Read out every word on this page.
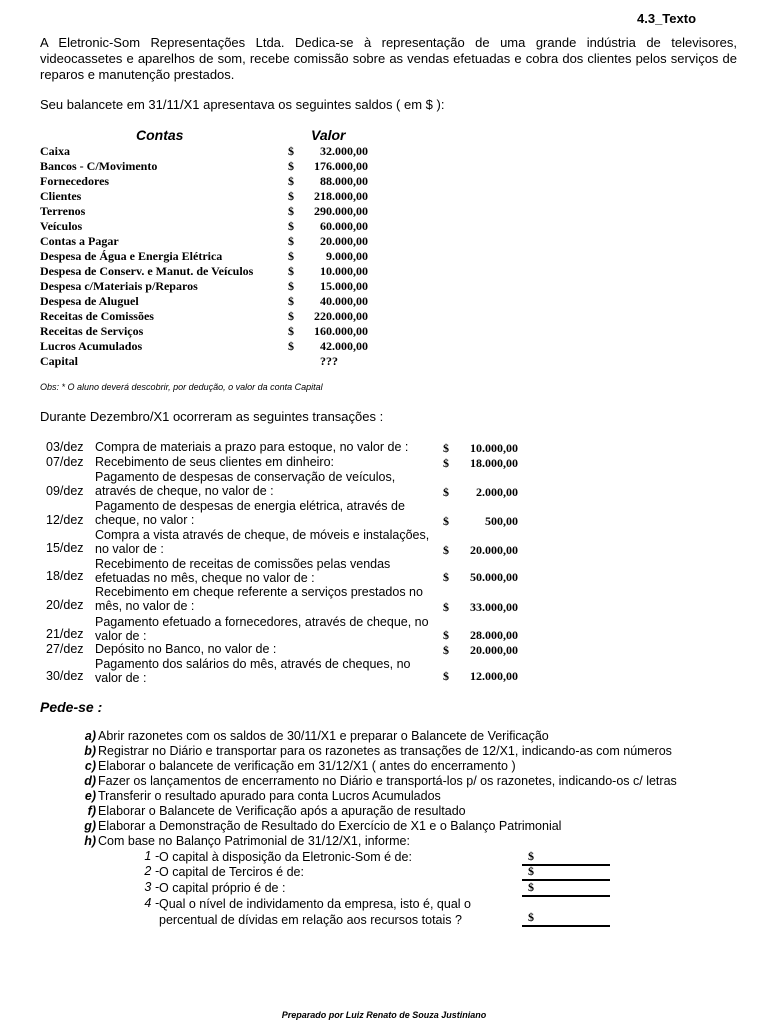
4.3_Texto
A Eletronic-Som Representações Ltda. Dedica-se à representação de uma grande indústria de televisores, videocassetes e aparelhos de som, recebe comissão sobre as vendas efetuadas e cobra dos clientes pelos serviços de reparos e manutenção prestados.
Seu balancete em 31/11/X1 apresentava os seguintes saldos ( em $ ):
Contas	Valor
Caixa	$ 32.000,00
Bancos - C/Movimento	$ 176.000,00
Fornecedores	$ 88.000,00
Clientes	$ 218.000,00
Terrenos	$ 290.000,00
Veículos	$ 60.000,00
Contas a Pagar	$ 20.000,00
Despesa de Água e Energia Elétrica	$	9.000,00
Despesa de Conserv. e Manut. de Veículos	$ 10.000,00
Despesa c/Materiais p/Reparos	$ 15.000,00
Despesa de Aluguel	$ 40.000,00
Receitas de Comissões	$ 220.000,00
Receitas de Serviços	$ 160.000,00
Lucros Acumulados	$ 42.000,00
Capital	???
Obs: * O aluno deverá descobrir, por dedução, o valor da conta Capital
Durante Dezembro/X1 ocorreram as seguintes transações :
03/dez Compra de materiais a prazo para estoque, no valor de :	$ 10.000,00
07/dez Recebimento de seus clientes em dinheiro:	$ 18.000,00
09/dez
Pagamento de despesas de conservação de veículos, através de cheque, no valor de :	$ 2.000,00
12/dez
Pagamento de despesas de energia elétrica, através de cheque, no valor :	$	500,00
15/dez
Compra a vista através de cheque, de móveis e instalações, no valor de :	$ 20.000,00
18/dez
Recebimento de receitas de comissões pelas vendas efetuadas no mês, cheque no valor de :	$ 50.000,00
20/dez
Recebimento em cheque referente a serviços prestados no mês, no valor de :	$ 33.000,00
21/dez
Pagamento efetuado a fornecedores, através de cheque, no valor de :	$ 28.000,00
27/dez Depósito no Banco, no valor de :	$ 20.000,00
30/dez
Pagamento dos salários do mês, através de cheques, no valor de :	$ 12.000,00
Pede-se :
a) Abrir razonetes com os saldos de 30/11/X1 e preparar o Balancete de Verificação
b) Registrar no Diário e transportar para os razonetes as transações de 12/X1, indicando-as com números
c) Elaborar o balancete de verificação em 31/12/X1 ( antes do encerramento )
d) Fazer os lançamentos de encerramento no Diário e transportá-los p/ os razonetes, indicando-os c/ letras
e) Transferir o resultado apurado para conta Lucros Acumulados
f) Elaborar o Balancete de Verificação após a apuração de resultado
g) Elaborar a Demonstração de Resultado do Exercício de X1 e o Balanço Patrimonial
h) Com base no Balanço Patrimonial de 31/12/X1, informe:
1 - O capital à disposição da Eletronic-Som é de:	$
2 - O capital de Terciros é de:	$
3 - O capital próprio é de :	$
4 - Qual o nível de individamento da empresa, isto é, qual o
percentual de dívidas em relação aos recursos totais ?	$
Preparado por Luiz Renato de Souza Justiniano
